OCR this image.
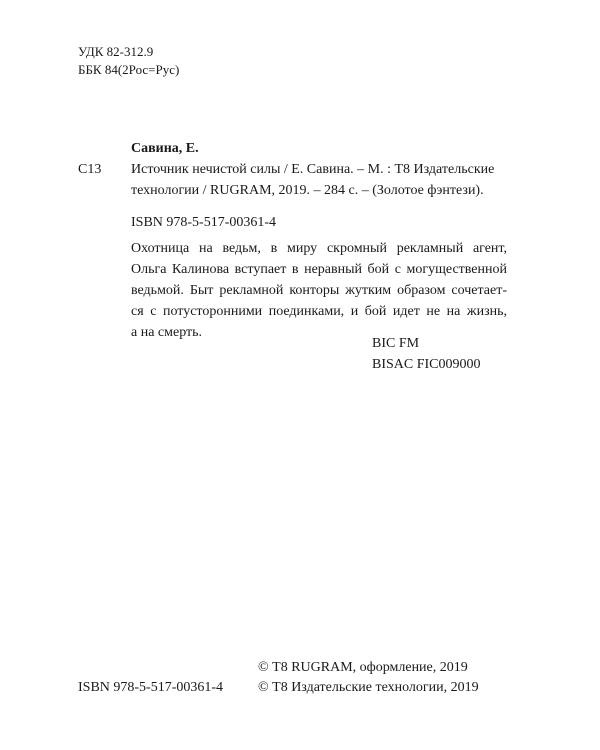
УДК 82-312.9
ББК 84(2Рос=Рус)
Савина, Е.
С13 Источник нечистой силы / Е. Савина. – М. : Т8 Издательские
технологии / RUGRAM, 2019. – 284 с. – (Золотое фэнтези).
ISBN 978-5-517-00361-4
Охотница на ведьм, в миру скромный рекламный агент,
Ольга Калинова вступает в неравный бой с могущественной
ведьмой. Быт рекламной конторы жутким образом сочетает-
ся с потусторонними поединками, и бой идет не на жизнь,
а на смерть.
BIC FM
BISAC FIC009000
ISBN 978-5-517-00361-4
© Т8 RUGRAM, оформление, 2019
© Т8 Издательские технологии, 2019
